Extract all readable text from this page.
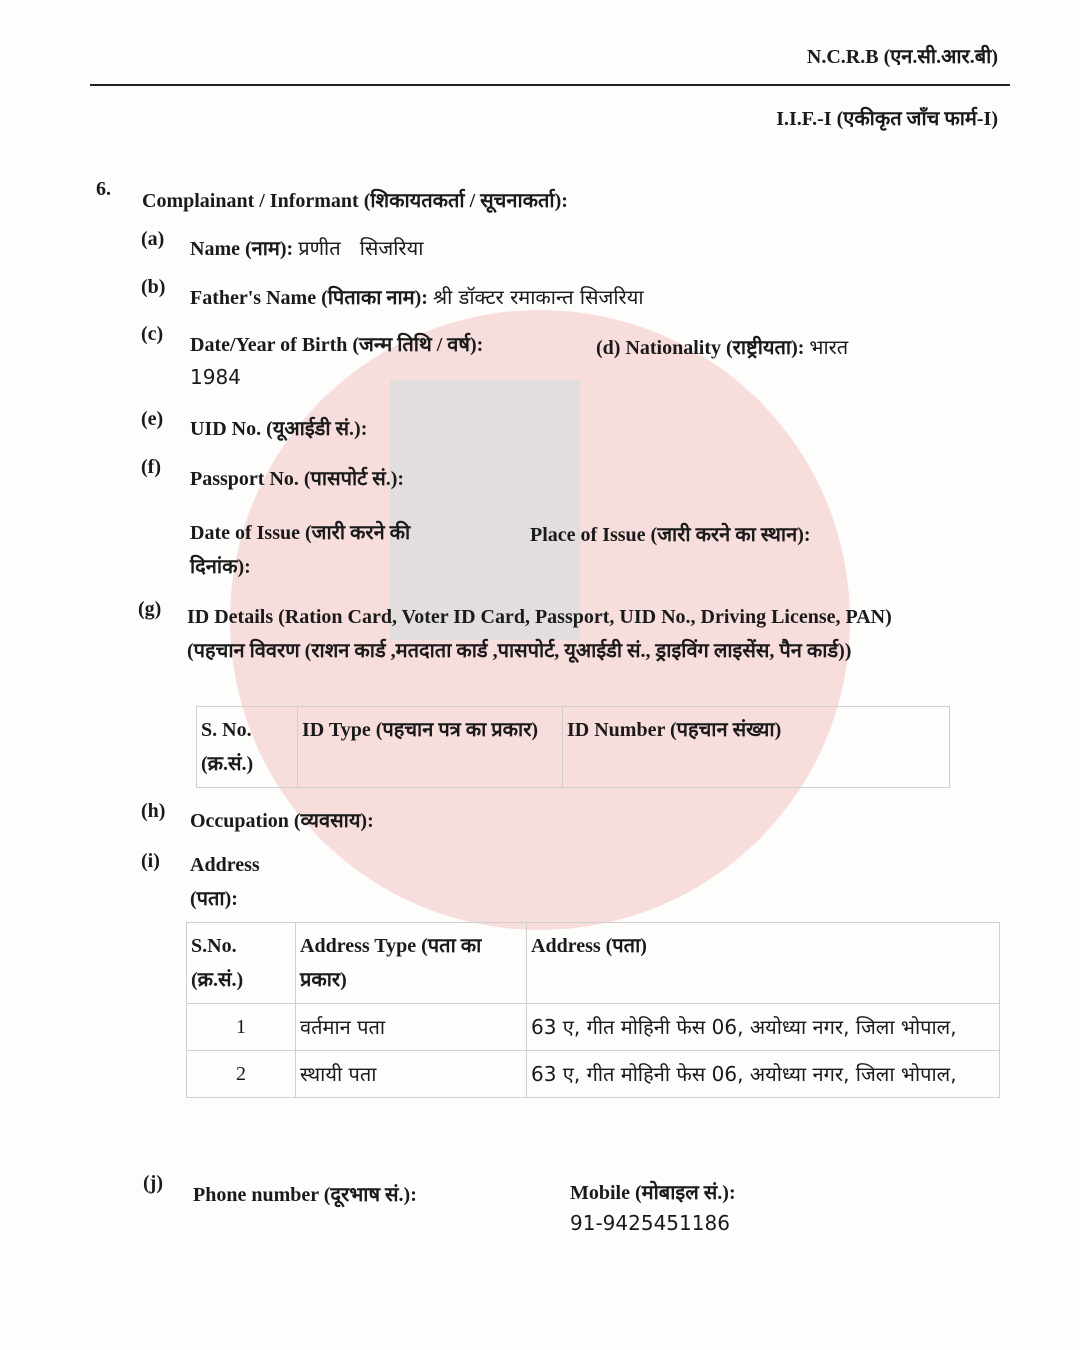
N.C.R.B (एन.सी.आर.बी)
I.I.F.-I (एकीकृत जाँच फार्म-I)
6.
Complainant / Informant (शिकायतकर्ता / सूचनाकर्ता):
(a) Name (नाम): प्रणीत   सिजरिया
(b) Father's Name (पिताका नाम): श्री डॉक्टर रमाकान्त सिजरिया
(c) Date/Year of Birth (जन्म तिथि / वर्ष):
1984
(d) Nationality (राष्ट्रीयता): भारत
(e) UID No. (यूआईडी सं.):
(f)
Passport No. (पासपोर्ट सं.):
Date of Issue (जारी करने की दिनांक):
Place of Issue (जारी करने का स्थान):
(g) ID Details (Ration Card, Voter ID Card, Passport, UID No., Driving License, PAN)
(पहचान विवरण (राशन कार्ड ,मतदाता कार्ड ,पासपोर्ट, यूआईडी सं., ड्राइविंग लाइसेंस, पैन कार्ड))
S. No. (क्र.सं.)	ID Type (पहचान पत्र का प्रकार)	ID Number (पहचान संख्या)
(h) Occupation (व्यवसाय):
(i) Address (पता):
S.No. (क्र.सं.)	Address Type (पता का प्रकार)	Address (पता)
1	वर्तमान पता	63 ए, गीत मोहिनी फेस 06, अयोध्या नगर, जिला भोपाल,
2	स्थायी पता	63 ए, गीत मोहिनी फेस 06, अयोध्या नगर, जिला भोपाल,
(j)
Phone number (दूरभाष सं.):	Mobile (मोबाइल सं.):
91-9425451186
